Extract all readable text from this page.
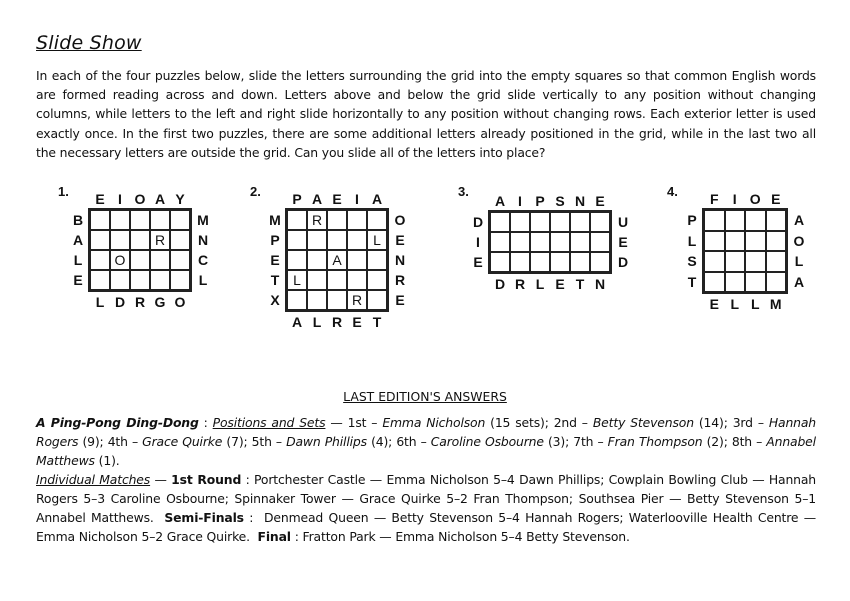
Slide Show
In each of the four puzzles below, slide the letters surrounding the grid into the empty squares so that common English words are formed reading across and down. Letters above and below the grid slide vertically to any position without changing columns, while letters to the left and right slide horizontally to any position without changing rows. Each exterior letter is used exactly once. In the first two puzzles, there are some additional letters already positioned in the grid, while in the last two all the necessary letters are outside the grid. Can you slide all of the letters into place?
1.
R
O
E I O A Y
L D R G O
B
A
L
E
M
N
C
L
2.
R
L
A
L
R
P A E I A
A L R E T
M
P
E
T
X
O
E
N
R
E
3.
A I P S N E
D R L E T N
D
I
E
U
E
D
4.	F	I O E
E L L M
P
L
S
T
A
O
L
A
LAST EDITION'S ANSWERS
A Ping-Pong Ding-Dong : Positions and Sets — 1st – Emma Nicholson (15 sets); 2nd – Betty Stevenson (14); 3rd – Hannah Rogers (9); 4th – Grace Quirke (7); 5th – Dawn Phillips (4); 6th – Caroline Osbourne (3); 7th – Fran Thompson (2); 8th – Annabel Matthews (1).
Individual Matches — 1st Round : Portchester Castle — Emma Nicholson 5–4 Dawn Phillips; Cowplain Bowling Club — Hannah Rogers 5–3 Caroline Osbourne; Spinnaker Tower — Grace Quirke 5–2 Fran Thompson; Southsea Pier — Betty Stevenson 5–1 Annabel Matthews. Semi-Finals :  Denmead Queen — Betty Stevenson 5–4 Hannah Rogers; Waterlooville Health Centre — Emma Nicholson 5–2 Grace Quirke. Final : Fratton Park — Emma Nicholson 5–4 Betty Stevenson.
